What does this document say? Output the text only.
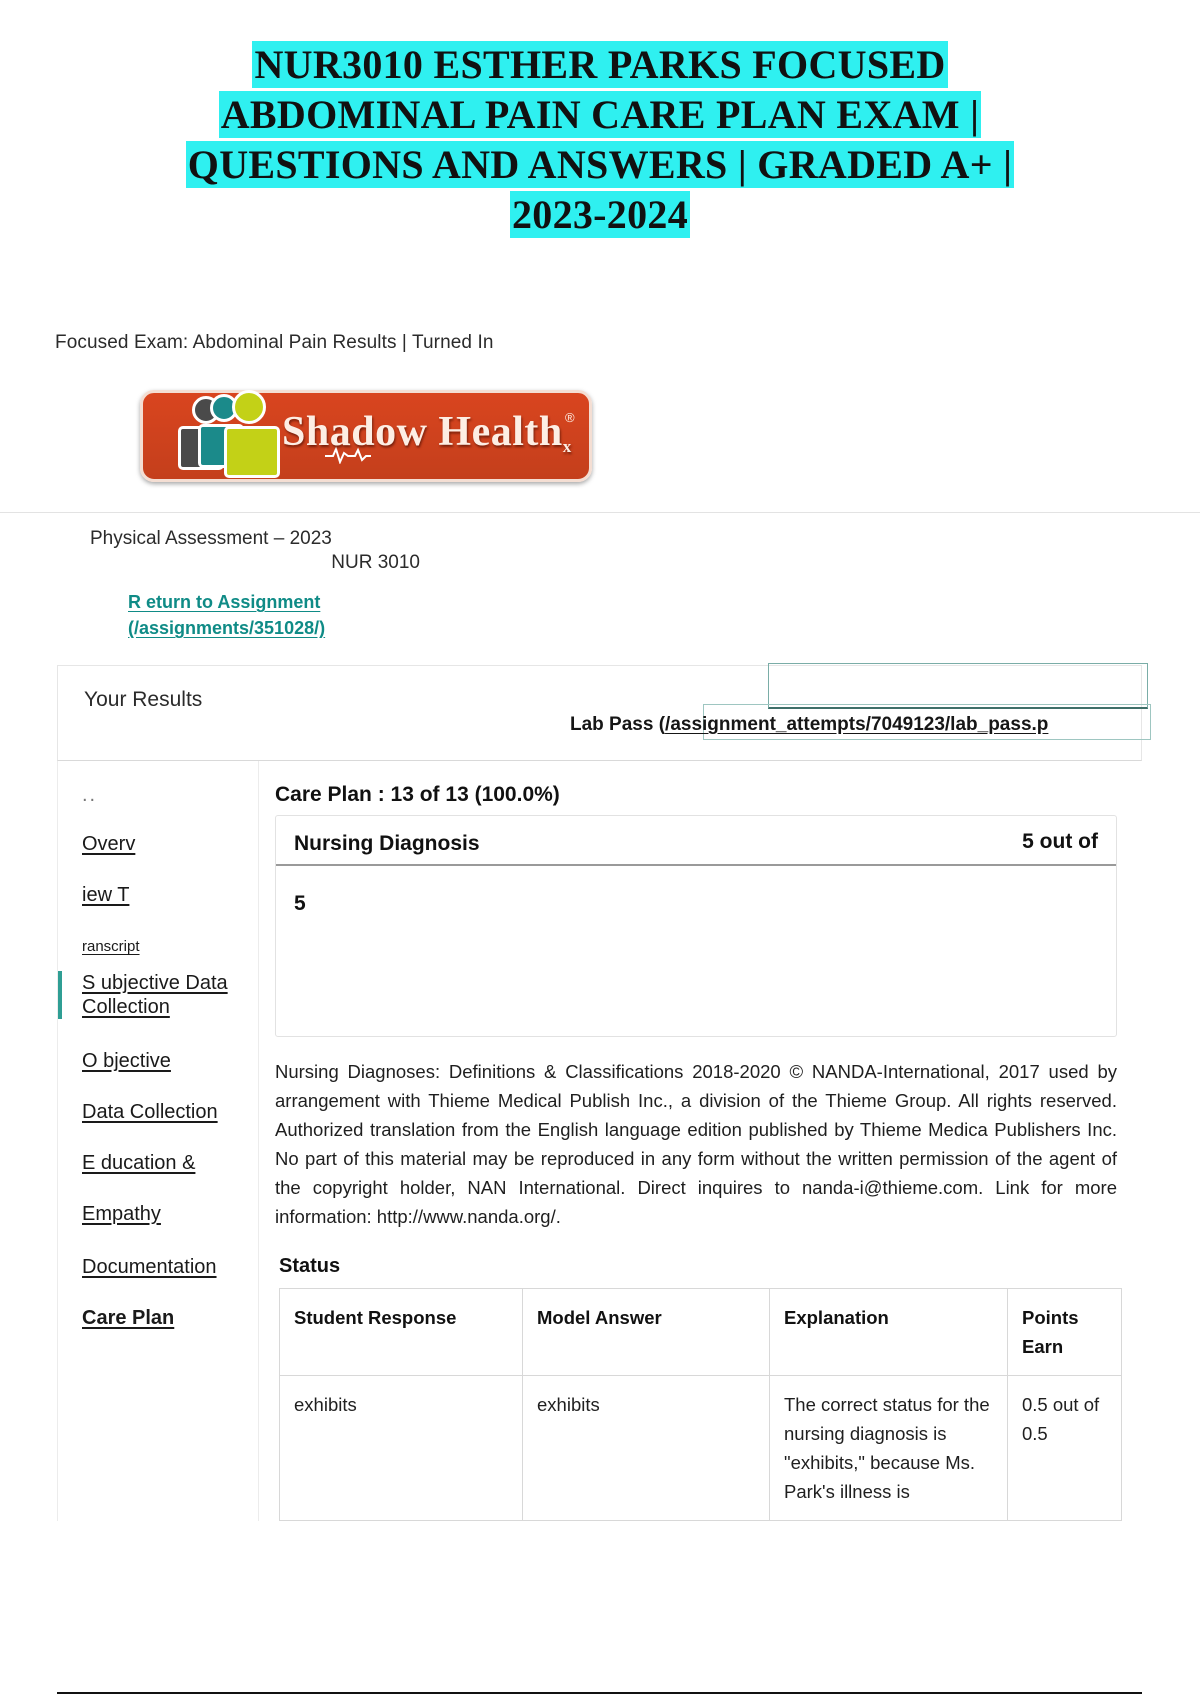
NUR3010 ESTHER PARKS FOCUSED
ABDOMINAL PAIN CARE PLAN EXAM |
QUESTIONS AND ANSWERS | GRADED A+ |
2023-2024
Focused Exam: Abdominal Pain Results | Turned In
Shadow Health$_x$
®
Physical Assessment – 2023
NUR 3010
R eturn to Assignment
(/assignments/351028/)
Your Results
Lab Pass (/assignment_attempts/7049123/lab_pass.p
..
Overv
iew T
ranscript
S ubjective Data Collection
O bjective
Data Collection
E ducation &
Empathy
Documentation
Care Plan
Care Plan : 13 of 13 (100.0%)
Nursing Diagnosis	5 out of
5

Nursing Diagnoses: Definitions & Classifications 2018-2020 © NANDA-International, 2017 used by arrangement with Thieme Medical Publish Inc., a division of the Thieme Group. All rights reserved. Authorized translation from the English language edition published by Thieme Medica Publishers Inc. No part of this material may be reproduced in any form without the written permission of the agent of the copyright holder, NAN International. Direct inquires to nanda-i@thieme.com. Link for more information: http://www.nanda.org/.

Status
Student Response	Model Answer	Explanation	Points Earn
exhibits	exhibits	The correct status for the nursing diagnosis is "exhibits," because Ms. Park's illness is	0.5 out of 0.5
